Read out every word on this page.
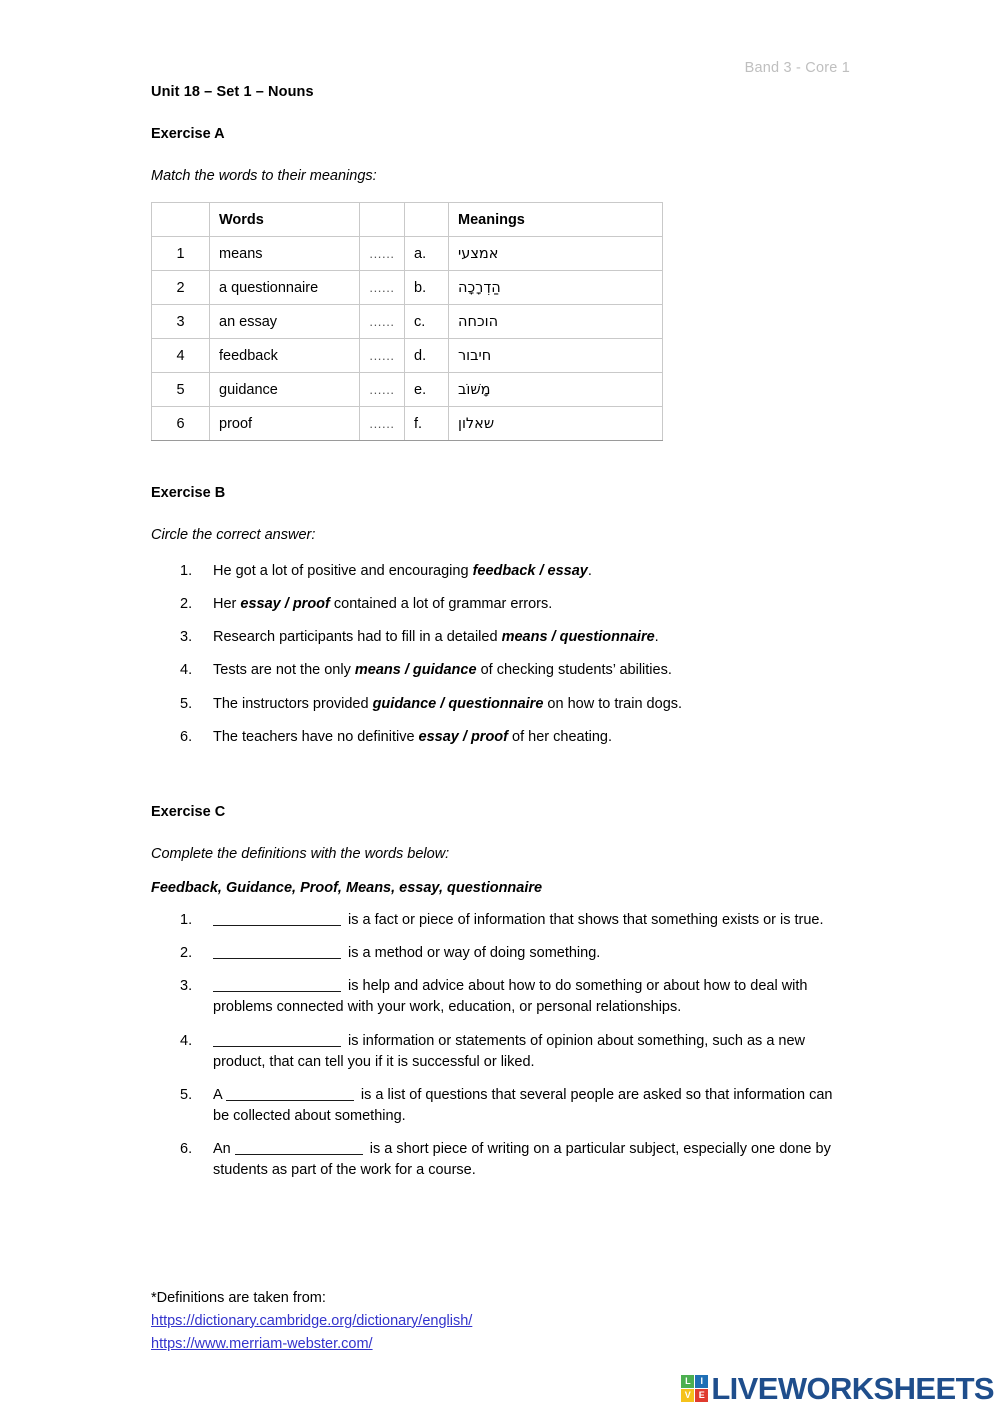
Band 3 - Core 1
Unit 18 – Set 1 – Nouns
Exercise A
Match the words to their meanings:
	Words			Meanings
1	means	......	a.	אמצעי
2	a questionnaire	......	b.	הַדְרָכָה
3	an essay	......	c.	הוכחה
4	feedback	......	d.	חיבור
5	guidance	......	e.	מָשׁוֹב
6	proof	......	f.	שאלון
Exercise B
Circle the correct answer:
1.	He got a lot of positive and encouraging feedback / essay.
2.	Her essay / proof contained a lot of grammar errors.
3.	Research participants had to fill in a detailed means / questionnaire.
4.	Tests are not the only means / guidance of checking students’ abilities.
5.	The instructors provided guidance / questionnaire on how to train dogs.
6.	The teachers have no definitive essay / proof of her cheating.
Exercise C
Complete the definitions with the words below:
Feedback, Guidance, Proof, Means, essay, questionnaire
1.	is a fact or piece of information that shows that something exists or is true.
2.	is a method or way of doing something.
3.	is help and advice about how to do something or about how to deal with problems connected with your work, education, or personal relationships.
4.	is information or statements of opinion about something, such as a new product, that can tell you if it is successful or liked.
5.	A	is a list of questions that several people are asked so that information can be collected about something.
6.	An	is a short piece of writing on a particular subject, especially one done by students as part of the work for a course.
*Definitions are taken from:
https://dictionary.cambridge.org/dictionary/english/
https://www.merriam-webster.com/
L	I
V E LIVEWORKSHEETS
